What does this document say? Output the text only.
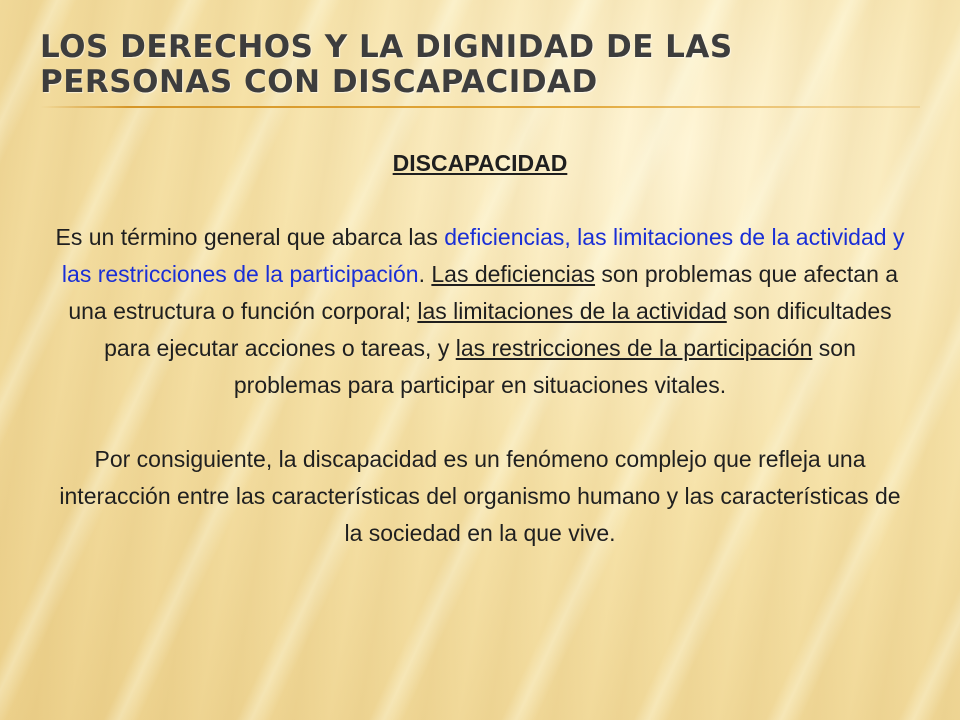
LOS DERECHOS Y LA DIGNIDAD DE LAS PERSONAS CON DISCAPACIDAD
DISCAPACIDAD

Es un término general que abarca las deficiencias, las limitaciones de la actividad y las restricciones de la participación. Las deficiencias son problemas que afectan a una estructura o función corporal; las limitaciones de la actividad son dificultades para ejecutar acciones o tareas, y las restricciones de la participación son problemas para participar en situaciones vitales.

Por consiguiente, la discapacidad es un fenómeno complejo que refleja una interacción entre las características del organismo humano y las características de la sociedad en la que vive.
